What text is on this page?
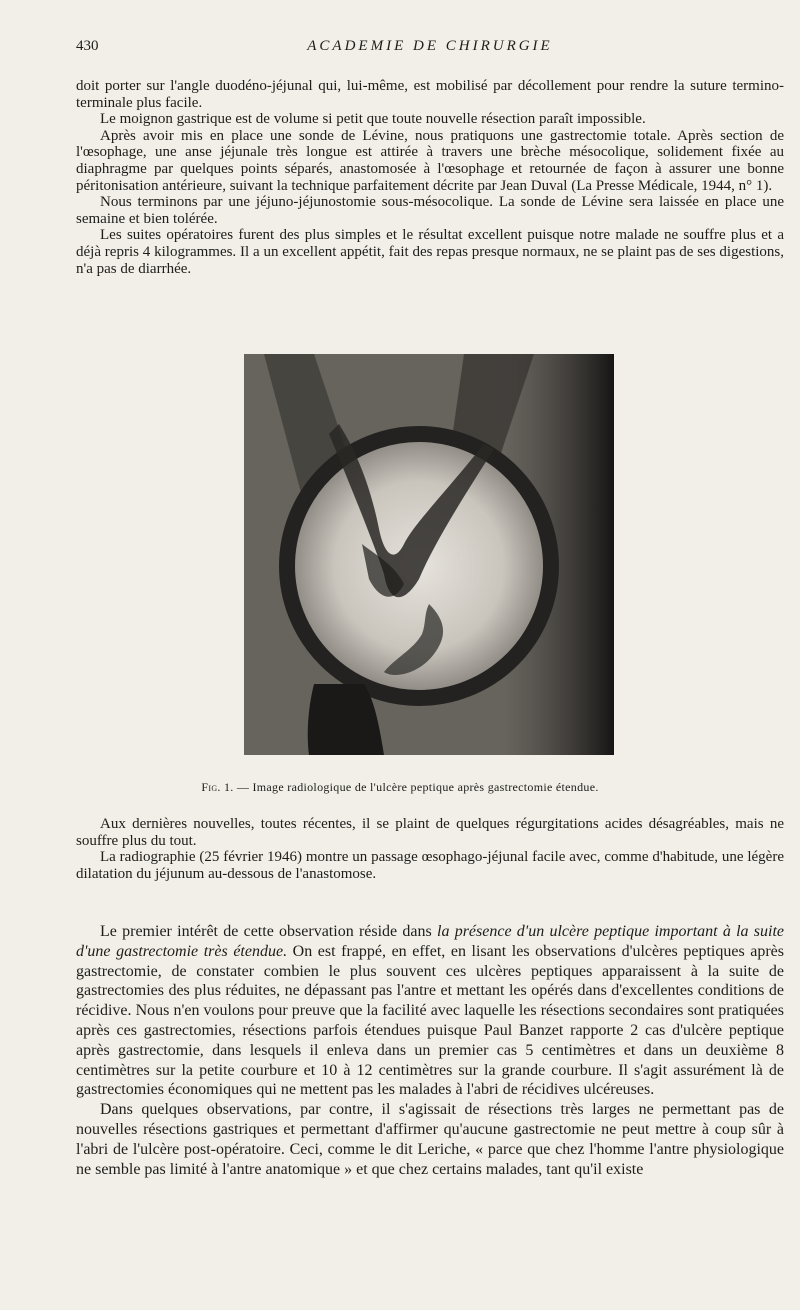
430	ACADEMIE DE CHIRURGIE

doit porter sur l'angle duodéno-jéjunal qui, lui-même, est mobilisé par décollement pour rendre la suture termino-terminale plus facile.

Le moignon gastrique est de volume si petit que toute nouvelle résection paraît impossible.

Après avoir mis en place une sonde de Lévine, nous pratiquons une gastrectomie totale. Après section de l'œsophage, une anse jéjunale très longue est attirée à travers une brèche mésocolique, solidement fixée au diaphragme par quelques points séparés, anastomosée à l'œsophage et retournée de façon à assurer une bonne péritonisation antérieure, suivant la technique parfaitement décrite par Jean Duval (La Presse Médicale, 1944, n° 1).

Nous terminons par une jéjuno-jéjunostomie sous-mésocolique. La sonde de Lévine sera laissée en place une semaine et bien tolérée.

Les suites opératoires furent des plus simples et le résultat excellent puisque notre malade ne souffre plus et a déjà repris 4 kilogrammes. Il a un excellent appétit, fait des repas presque normaux, ne se plaint pas de ses digestions, n'a pas de diarrhée.

Fig. 1. — Image radiologique de l'ulcère peptique après gastrectomie étendue.

Aux dernières nouvelles, toutes récentes, il se plaint de quelques régurgitations acides désagréables, mais ne souffre plus du tout.

La radiographie (25 février 1946) montre un passage œsophago-jéjunal facile avec, comme d'habitude, une légère dilatation du jéjunum au-dessous de l'anastomose.

Le premier intérêt de cette observation réside dans la présence d'un ulcère peptique important à la suite d'une gastrectomie très étendue. On est frappé, en effet, en lisant les observations d'ulcères peptiques après gastrectomie, de constater combien le plus souvent ces ulcères peptiques apparaissent à la suite de gastrectomies des plus réduites, ne dépassant pas l'antre et mettant les opérés dans d'excellentes conditions de récidive. Nous n'en voulons pour preuve que la facilité avec laquelle les résections secondaires sont pratiquées après ces gastrectomies, résections parfois étendues puisque Paul Banzet rapporte 2 cas d'ulcère peptique après gastrectomie, dans lesquels il enleva dans un premier cas 5 centimètres et dans un deuxième 8 centimètres sur la petite courbure et 10 à 12 centimètres sur la grande courbure. Il s'agit assurément là de gastrectomies économiques qui ne mettent pas les malades à l'abri de récidives ulcéreuses.

Dans quelques observations, par contre, il s'agissait de résections très larges ne permettant pas de nouvelles résections gastriques et permettant d'affirmer qu'aucune gastrectomie ne peut mettre à coup sûr à l'abri de l'ulcère post-opératoire. Ceci, comme le dit Leriche, « parce que chez l'homme l'antre physiologique ne semble pas limité à l'antre anatomique » et que chez certains malades, tant qu'il existe
